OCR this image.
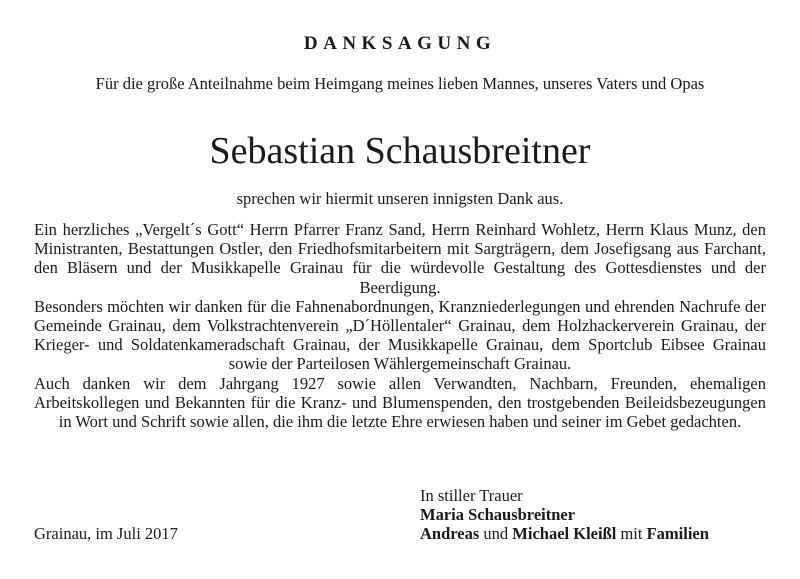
DANKSAGUNG
Für die große Anteilnahme beim Heimgang meines lieben Mannes, unseres Vaters und Opas
Sebastian Schausbreitner
sprechen wir hiermit unseren innigsten Dank aus.

Ein herzliches „Vergelt´s Gott“ Herrn Pfarrer Franz Sand, Herrn Reinhard Wohletz, Herrn Klaus Munz, den Ministranten, Bestattungen Ostler, den Friedhofsmitarbeitern mit Sargträgern, dem Josefigsang aus Farchant, den Bläsern und der Musikkapelle Grainau für die würdevolle Gestaltung des Gottesdienstes und der Beerdigung.

Besonders möchten wir danken für die Fahnenabordnungen, Kranzniederlegungen und ehrenden Nachrufe der Gemeinde Grainau, dem Volkstrachtenverein „D´Höllentaler“ Grainau, dem Holzhackerverein Grainau, der Krieger- und Soldatenkameradschaft Grainau, der Musikkapelle Grainau, dem Sportclub Eibsee Grainau sowie der Parteilosen Wählergemeinschaft Grainau.

Auch danken wir dem Jahrgang 1927 sowie allen Verwandten, Nachbarn, Freunden, ehemaligen Arbeitskollegen und Bekannten für die Kranz- und Blumenspenden, den trostgebenden Beileidsbezeugungen in Wort und Schrift sowie allen, die ihm die letzte Ehre erwiesen haben und seiner im Gebet gedachten.

Grainau, im Juli 2017
In stiller Trauer
Maria Schausbreitner
Andreas und Michael Kleißl mit Familien
